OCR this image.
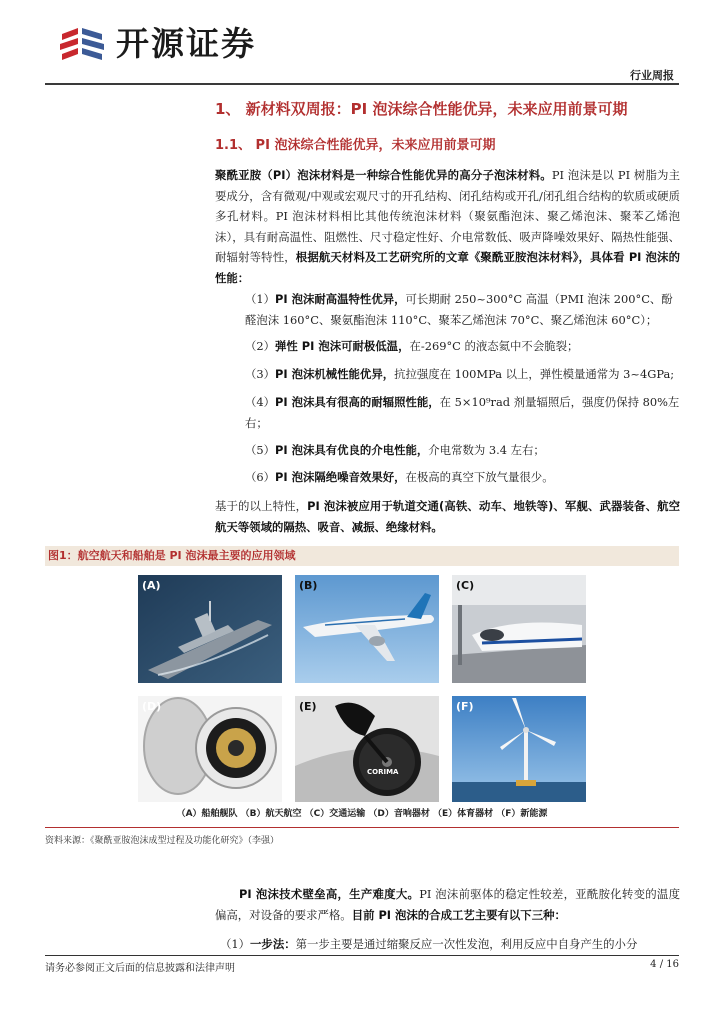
开源证券
行业周报
1、 新材料双周报：PI 泡沫综合性能优异，未来应用前景可期
1.1、 PI 泡沫综合性能优异，未来应用前景可期
聚酰亚胺（PI）泡沫材料是一种综合性能优异的高分子泡沫材料。PI 泡沫是以 PI 树脂为主要成分，含有微观/中观或宏观尺寸的开孔结构、闭孔结构或开孔/闭孔组合结构的软质或硬质多孔材料。PI 泡沫材料相比其他传统泡沫材料（聚氨酯泡沫、聚乙烯泡沫、聚苯乙烯泡沫），具有耐高温性、阻燃性、尺寸稳定性好、介电常数低、吸声降噪效果好、隔热性能强、耐辐射等特性，根据航天材料及工艺研究所的文章《聚酰亚胺泡沫材料》，具体看 PI 泡沫的性能：
（1）PI 泡沫耐高温特性优异，可长期耐 250~300°C 高温（PMI 泡沫 200°C、酚醛泡沫 160°C、聚氨酯泡沫 110°C、聚苯乙烯泡沫 70°C、聚乙烯泡沫 60°C）；
（2）弹性 PI 泡沫可耐极低温，在-269°C 的液态氦中不会脆裂；
（3）PI 泡沫机械性能优异，抗拉强度在 100MPa 以上，弹性模量通常为 3~4GPa;
（4）PI 泡沫具有很高的耐辐照性能，在 5×10⁹rad 剂量辐照后，强度仍保持 80%左右；
（5）PI 泡沫具有优良的介电性能，介电常数为 3.4 左右；
（6）PI 泡沫隔绝噪音效果好，在极高的真空下放气量很少。
基于的以上特性，PI 泡沫被应用于轨道交通(高铁、动车、地铁等)、军舰、武器装备、航空航天等领域的隔热、吸音、减振、绝缘材料。
图1：航空航天和船舶是 PI 泡沫最主要的应用领域
(A)	(B)	(C)
(D)
CORIMA
(E)	(F)
（A）船舶舰队 （B）航天航空 （C）交通运输 （D）音响器材 （E）体育器材 （F）新能源
资料来源：《聚酰亚胺泡沫成型过程及功能化研究》（李强）
PI 泡沫技术壁垒高，生产难度大。PI 泡沫前驱体的稳定性较差，亚酰胺化转变的温度偏高，对设备的要求严格。目前 PI 泡沫的合成工艺主要有以下三种：
（1）一步法：第一步主要是通过缩聚反应一次性发泡，利用反应中自身产生的小分
请务必参阅正文后面的信息披露和法律声明	4 / 16
